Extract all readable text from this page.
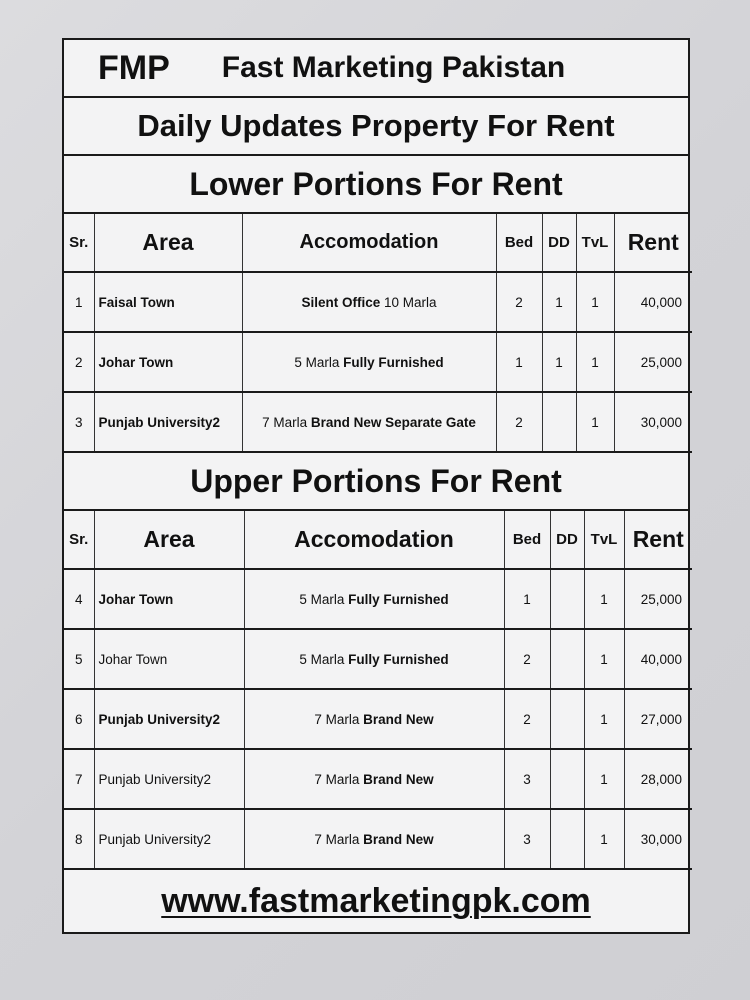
FMP Fast Marketing Pakistan
Daily Updates Property For Rent
Lower Portions For Rent
Sr.	Area	Accomodation	Bed	DD	TvL	Rent
1	Faisal Town	Silent Office 10 Marla	2	1	1	40,000
2	Johar Town	5 Marla Fully Furnished	1	1	1	25,000
3	Punjab University2	7 Marla Brand New Separate Gate	2		1	30,000
Upper Portions For Rent
Sr.	Area	Accomodation	Bed	DD	TvL	Rent
4	Johar Town	5 Marla Fully Furnished	1		1	25,000
5	Johar Town	5 Marla Fully Furnished	2		1	40,000
6	Punjab University2	7 Marla Brand New	2		1	27,000
7	Punjab University2	7 Marla Brand New	3		1	28,000
8	Punjab University2	7 Marla Brand New	3		1	30,000
www.fastmarketingpk.com
